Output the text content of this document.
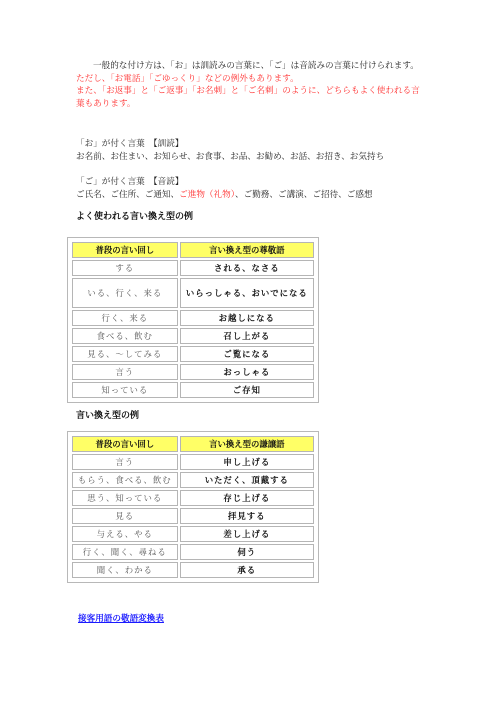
一般的な付け方は、「お」は訓読みの言葉に、「ご」は音読みの言葉に付けられます。

ただし、「お電話」「ごゆっくり」などの例外もあります。

また、「お返事」と「ご返事」「お名刺」と「ご名刺」のように、どちらもよく使われる言葉もあります。

「お」が付く言葉　【訓読】

お名前、お住まい、お知らせ、お食事、お品、お勧め、お話、お招き、お気持ち

「ご」が付く言葉　【音読】

ご氏名、ご住所、ご通知、ご進物（礼物）、ご勤務、ご講演、ご招待、ご感想

よく使われる言い換え型の例
普段の言い回し	言い換え型の尊敬語
する	される、なさる
いる、行く、来る	いらっしゃる、おいでになる
行く、来る	お越しになる
食べる、飲む	召し上がる
見る、〜してみる	ご覧になる
言う	おっしゃる
知っている	ご存知
言い換え型の例
普段の言い回し	言い換え型の謙譲語
言う	申し上げる
もらう、食べる、飲む	いただく、頂戴する
思う、知っている	存じ上げる
見る	拝見する
与える、やる	差し上げる
行く、聞く、尋ねる	伺う
聞く、わかる	承る
接客用語の敬語変換表
